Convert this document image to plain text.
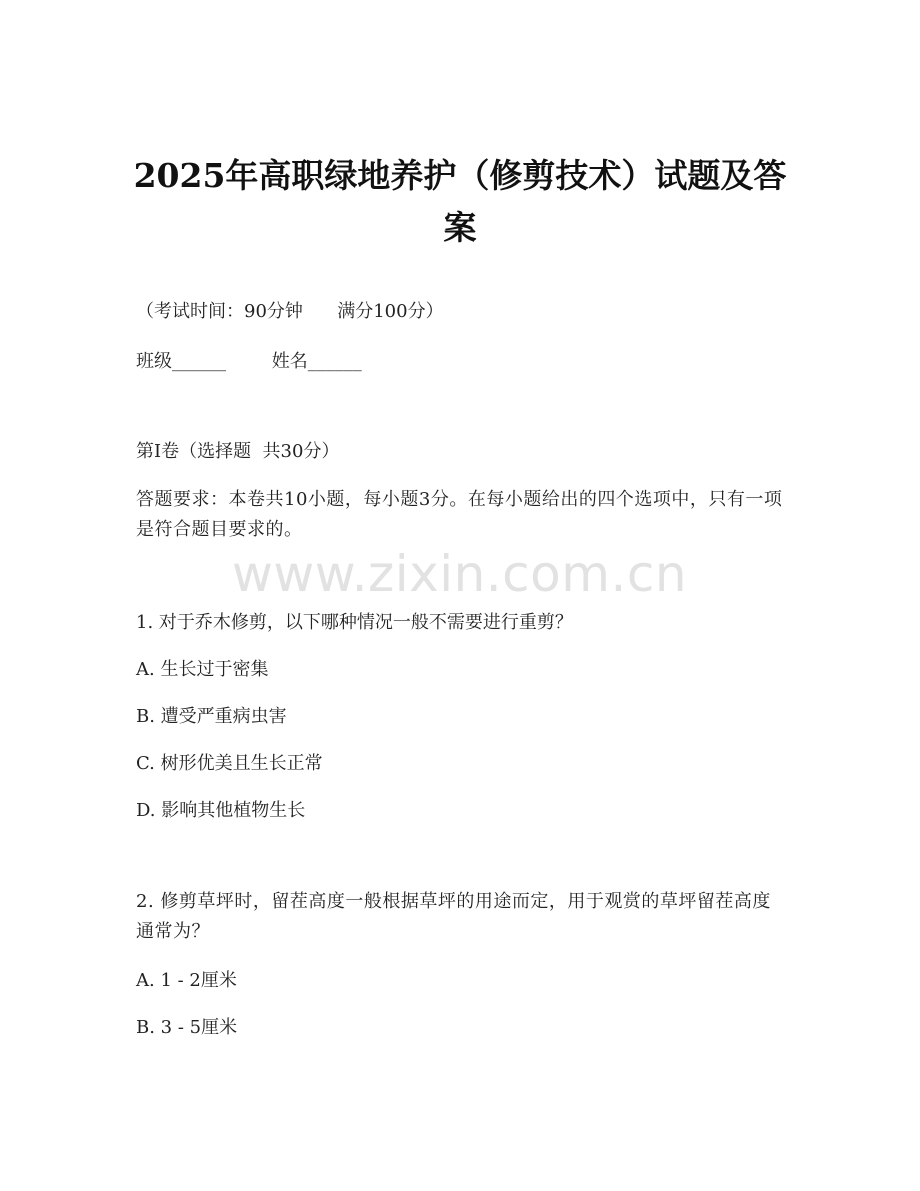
www.zixin.com.cn
2025年高职绿地养护（修剪技术）试题及答案
（考试时间：90分钟      满分100分）
班级______        姓名______
第I卷（选择题  共30分）
答题要求：本卷共10小题，每小题3分。在每小题给出的四个选项中，只有一项是符合题目要求的。
1. 对于乔木修剪，以下哪种情况一般不需要进行重剪？
A. 生长过于密集
B. 遭受严重病虫害
C. 树形优美且生长正常
D. 影响其他植物生长
2. 修剪草坪时，留茬高度一般根据草坪的用途而定，用于观赏的草坪留茬高度通常为？
A. 1 - 2厘米
B. 3 - 5厘米
